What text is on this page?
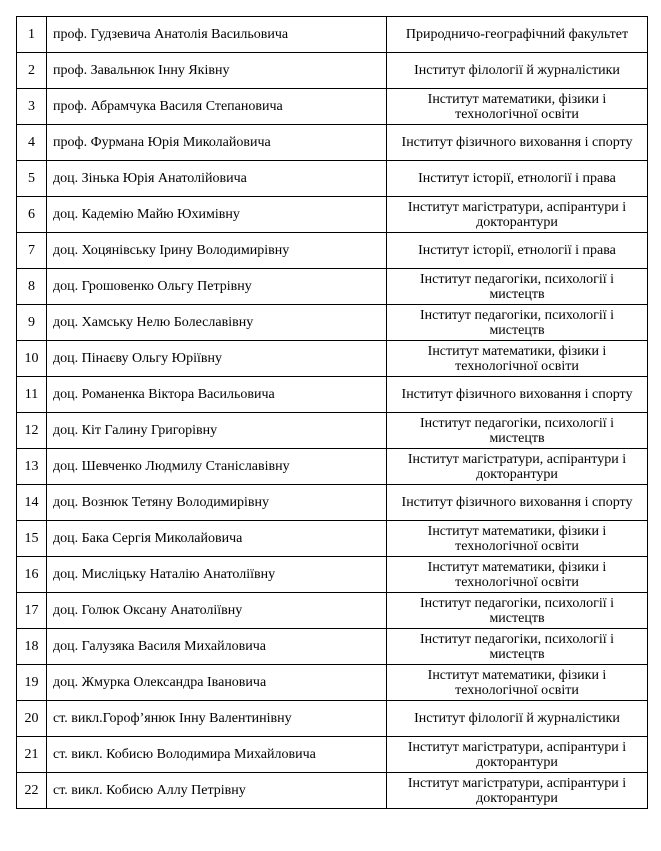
1	проф. Гудзевича Анатолія Васильовича	Природничо-географічний факультет
2	проф. Завальнюк Інну Яківну	Інститут філології й журналістики
3	проф. Абрамчука Василя Степановича	Інститут математики, фізики і технологічної освіти
4	проф. Фурмана Юрія Миколайовича	Інститут фізичного виховання і спорту
5	доц. Зінька Юрія Анатолійовича	Інститут історії, етнології і права
6	доц. Кадемію Майю Юхимівну	Інститут магістратури, аспірантури і докторантури
7	доц. Хоцянівську Ірину Володимирівну	Інститут історії, етнології і права
8	доц. Грошовенко Ольгу Петрівну	Інститут педагогіки, психології і мистецтв
9	доц. Хамську Нелю Болеславівну	Інститут педагогіки, психології і мистецтв
10	доц. Пінаєву Ольгу Юріївну	Інститут математики, фізики і технологічної освіти
11	доц. Романенка Віктора Васильовича	Інститут фізичного виховання і спорту
12	доц. Кіт Галину Григорівну	Інститут педагогіки, психології і мистецтв
13	доц. Шевченко Людмилу Станіславівну	Інститут магістратури, аспірантури і докторантури
14	доц. Вознюк Тетяну Володимирівну	Інститут фізичного виховання і спорту
15	доц. Бака Сергія Миколайовича	Інститут математики, фізики і технологічної освіти
16	доц. Мисліцьку Наталію Анатоліївну	Інститут математики, фізики і технологічної освіти
17	доц. Голюк Оксану Анатоліївну	Інститут педагогіки, психології і мистецтв
18	доц. Галузяка Василя Михайловича	Інститут педагогіки, психології і мистецтв
19	доц. Жмурка Олександра Івановича	Інститут математики, фізики і технологічної освіти
20	ст. викл.Горофʼянюк Інну Валентинівну	Інститут філології й журналістики
21	ст. викл. Кобисю Володимира Михайловича	Інститут магістратури, аспірантури і докторантури
22	ст. викл. Кобисю Аллу Петрівну	Інститут магістратури, аспірантури і докторантури
